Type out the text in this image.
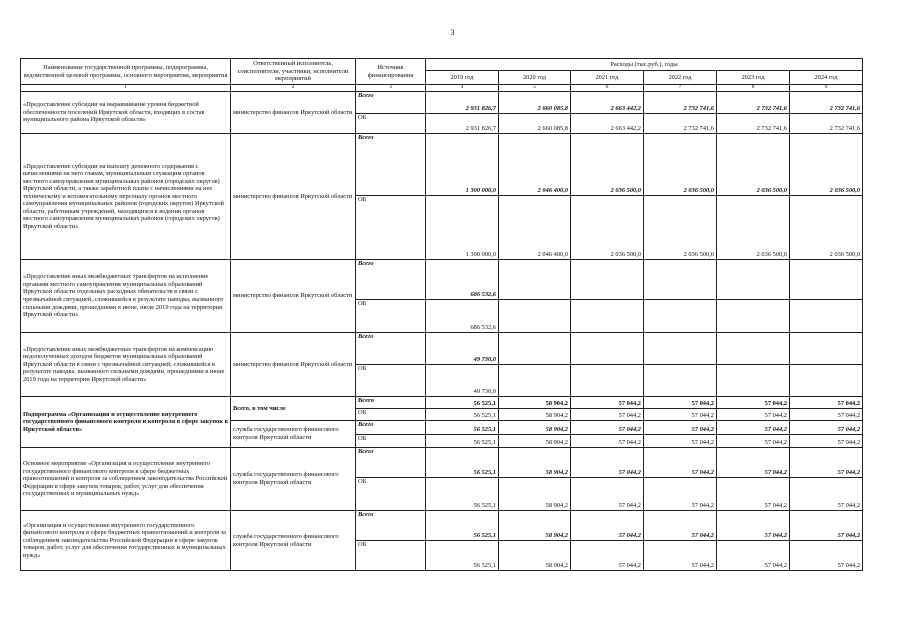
3
Наименование государственной программы, подпрограммы, ведомственной целевой программы, основного мероприятия, мероприятия	Ответственный исполнитель, соисполнители, участники, исполнители мероприятий	Источник финансирования	Расходы (тыс.руб.), годы					
			2019 год	2020 год	2021 год	2022 год	2023 год	2024 год
1	2	3	4	5	6	7	8	9
«Предоставление субсидии на выравнивание уровня бюджетной обеспеченности поселений Иркутской области, входящих в состав муниципального района Иркутской области»	министерство финансов Иркутской области	Всего	2 931 826,7	2 660 085,8	2 663 442,2	2 732 741,6	2 732 741,6	2 732 741,6
		ОБ	2 931 826,7	2 660 085,8	2 663 442,2	2 732 741,6	2 732 741,6	2 732 741,6
«Предоставление субсидии на выплату денежного содержания с начислениями на него главам, муниципальным служащим органов местного самоуправления муниципальных районов (городских округов) Иркутской области, а также заработной платы с начислениями на нее техническому и вспомогательному персоналу органов местного самоуправления муниципальных районов (городских округов) Иркутской области, работникам учреждений, находящихся в ведении органов местного самоуправления муниципальных районов (городских округов) Иркутской области»	министерство финансов Иркутской области	Всего	1 300 000,0	2 046 400,0	2 036 500,0	2 036 500,0	2 036 500,0	2 036 500,0
		ОБ	1 300 000,0	2 046 400,0	2 036 500,0	2 036 500,0	2 036 500,0	2 036 500,0
«Предоставление иных межбюджетных трансфертов на исполнение органами местного самоуправления муниципальных образований Иркутской области отдельных расходных обязательств в связи с чрезвычайной ситуацией, сложившейся в результате паводка, вызванного сильными дождями, прошедшими в июне, июле 2019 года на территории Иркутской области»	министерство финансов Иркутской области	Всего	686 532,6					
		ОБ	686 532,6					
«Предоставление иных межбюджетных трансфертов на компенсацию недополученных доходов бюджетов муниципальных образований Иркутской области в связи с чрезвычайной ситуацией, сложившейся в результате паводка, вызванного сильными дождями, прошедшими в июне 2019 года на территории Иркутской области»	министерство финансов Иркутской области	Всего	49 730,0					
		ОБ	49 730,0					
Подпрограмма «Организация и осуществление внутреннего государственного финансового контроля и контроля в сфере закупок в Иркутской области»	Всего, в том числе	Всего	56 525,1	58 904,2	57 044,2	57 044,2	57 044,2	57 044,2
		ОБ	56 525,1	58 904,2	57 044,2	57 044,2	57 044,2	57 044,2
	служба государственного финансового контроля Иркутской области	Всего	56 525,1	58 904,2	57 044,2	57 044,2	57 044,2	57 044,2
		ОБ	56 525,1	58 904,2	57 044,2	57 044,2	57 044,2	57 044,2
Основное мероприятие «Организация и осуществление внутреннего государственного финансового контроля в сфере бюджетных правоотношений и контроля за соблюдением законодательства Российской Федерации в сфере закупок товаров, работ, услуг для обеспечения государственных и муниципальных нужд»	служба государственного финансового контроля Иркутской области	Всего	56 525,1	58 904,2	57 044,2	57 044,2	57 044,2	57 044,2
		ОБ	56 525,1	58 904,2	57 044,2	57 044,2	57 044,2	57 044,2
«Организация и осуществление внутреннего государственного финансового контроля в сфере бюджетных правоотношений и контроля за соблюдением законодательства Российской Федерации в сфере закупок товаров, работ, услуг для обеспечения государственных и муниципальных нужд»	служба государственного финансового контроля Иркутской области	Всего	56 525,1	58 904,2	57 044,2	57 044,2	57 044,2	57 044,2
		ОБ	56 525,1	58 904,2	57 044,2	57 044,2	57 044,2	57 044,2
